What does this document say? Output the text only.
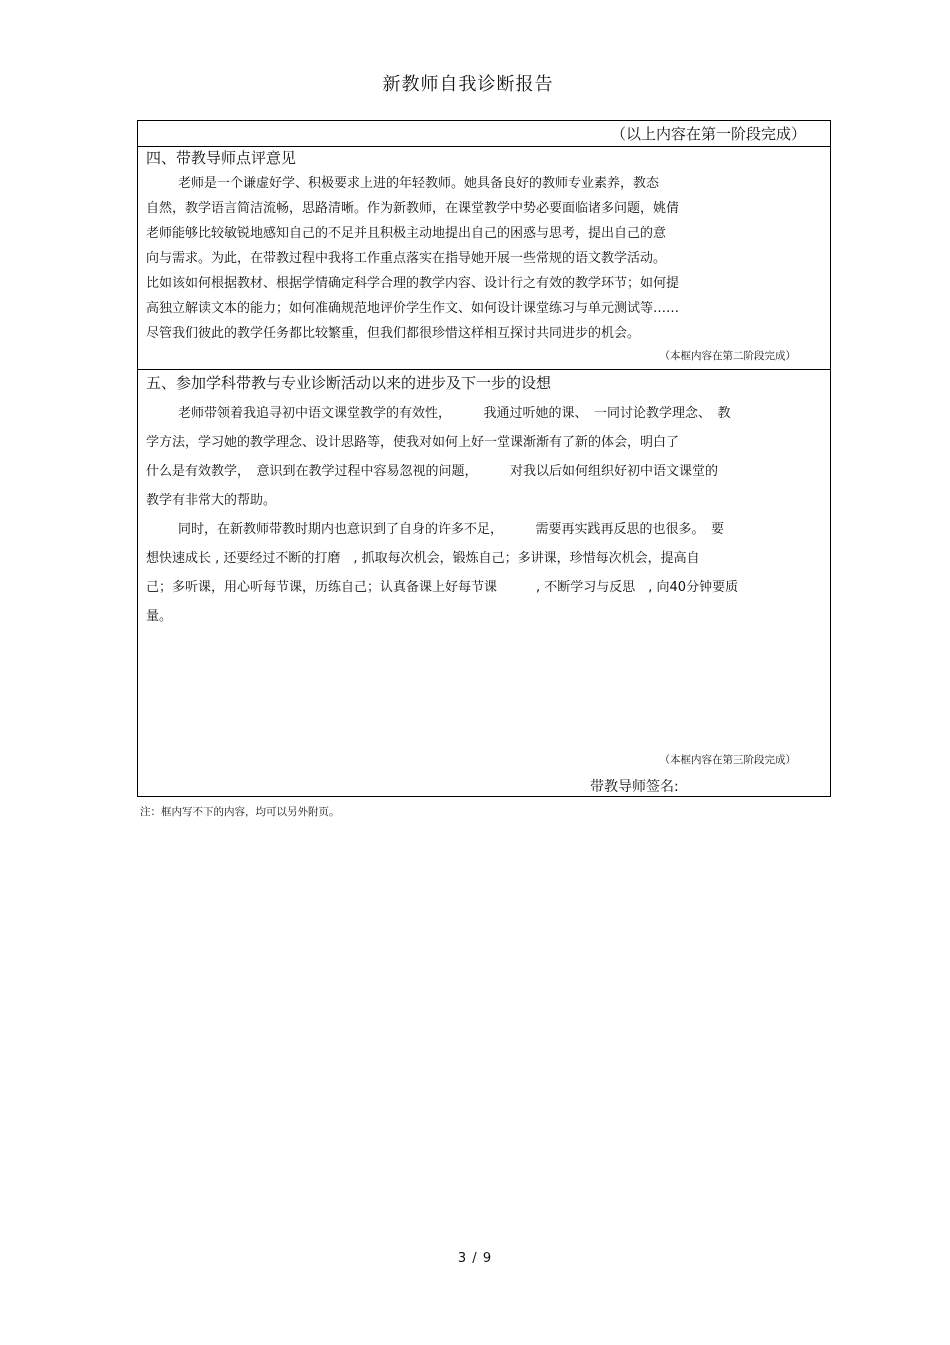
新教师自我诊断报告
（以上内容在第一阶段完成）
四、带教导师点评意见
老师是一个谦虚好学、积极要求上进的年轻教师。她具备良好的教师专业素养，教态
自然，教学语言简洁流畅，思路清晰。作为新教师，在课堂教学中势必要面临诸多问题，姚倩
老师能够比较敏锐地感知自己的不足并且积极主动地提出自己的困惑与思考，提出自己的意
向与需求。为此，在带教过程中我将工作重点落实在指导她开展一些常规的语文教学活动。
比如该如何根据教材、根据学情确定科学合理的教学内容、设计行之有效的教学环节；如何提
高独立解读文本的能力；如何准确规范地评价学生作文、如何设计课堂练习与单元测试等……
尽管我们彼此的教学任务都比较繁重，但我们都很珍惜这样相互探讨共同进步的机会。
（本框内容在第二阶段完成）
五、参加学科带教与专业诊断活动以来的进步及下一步的设想
老师带领着我追寻初中语文课堂教学的有效性，　　　我通过听她的课、　一同讨论教学理念、　教
学方法，学习她的教学理念、设计思路等，使我对如何上好一堂课渐渐有了新的体会，明白了
什么是有效教学，　意识到在教学过程中容易忽视的问题，　　　对我以后如何组织好初中语文课堂的
教学有非常大的帮助。
同时，在新教师带教时期内也意识到了自身的许多不足，　　　需要再实践再反思的也很多。　要
想快速成长 , 还要经过不断的打磨　, 抓取每次机会，锻炼自己；多讲课，珍惜每次机会，提高自
己；多听课，用心听每节课，历练自己；认真备课上好每节课　　　, 不断学习与反思　, 向40分钟要质
量。
（本框内容在第三阶段完成）
带教导师签名:
注：框内写不下的内容，均可以另外附页。
3 / 9
